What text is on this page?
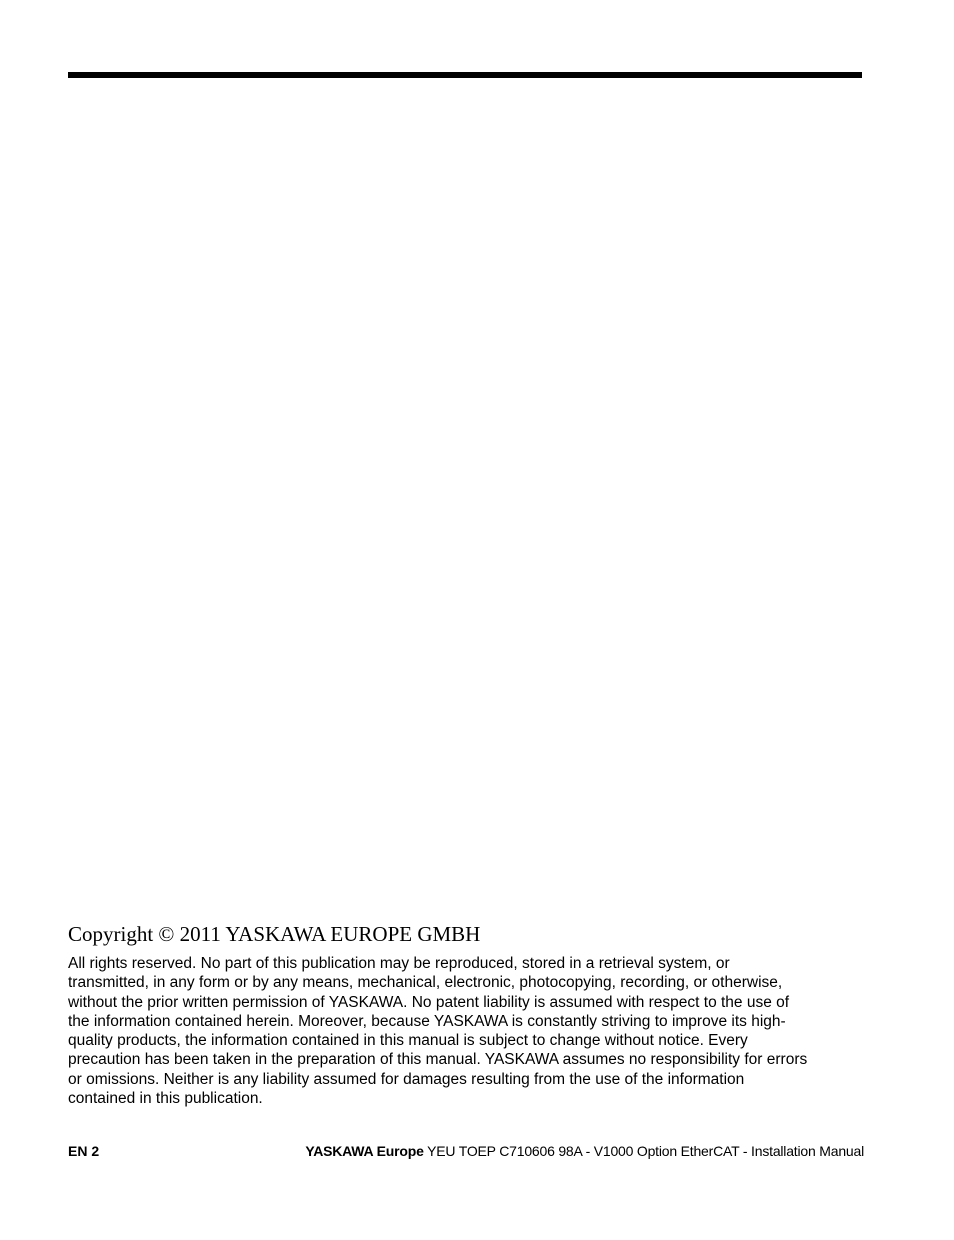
Copyright © 2011 YASKAWA EUROPE GMBH

All rights reserved. No part of this publication may be reproduced, stored in a retrieval system, or
transmitted, in any form or by any means, mechanical, electronic, photocopying, recording, or otherwise,
without the prior written permission of YASKAWA. No patent liability is assumed with respect to the use of
the information contained herein. Moreover, because YASKAWA is constantly striving to improve its high-
quality products, the information contained in this manual is subject to change without notice. Every
precaution has been taken in the preparation of this manual. YASKAWA assumes no responsibility for errors
or omissions. Neither is any liability assumed for damages resulting from the use of the information
contained in this publication.

EN 2	YASKAWA Europe YEU TOEP C710606 98A - V1000 Option EtherCAT - Installation Manual
